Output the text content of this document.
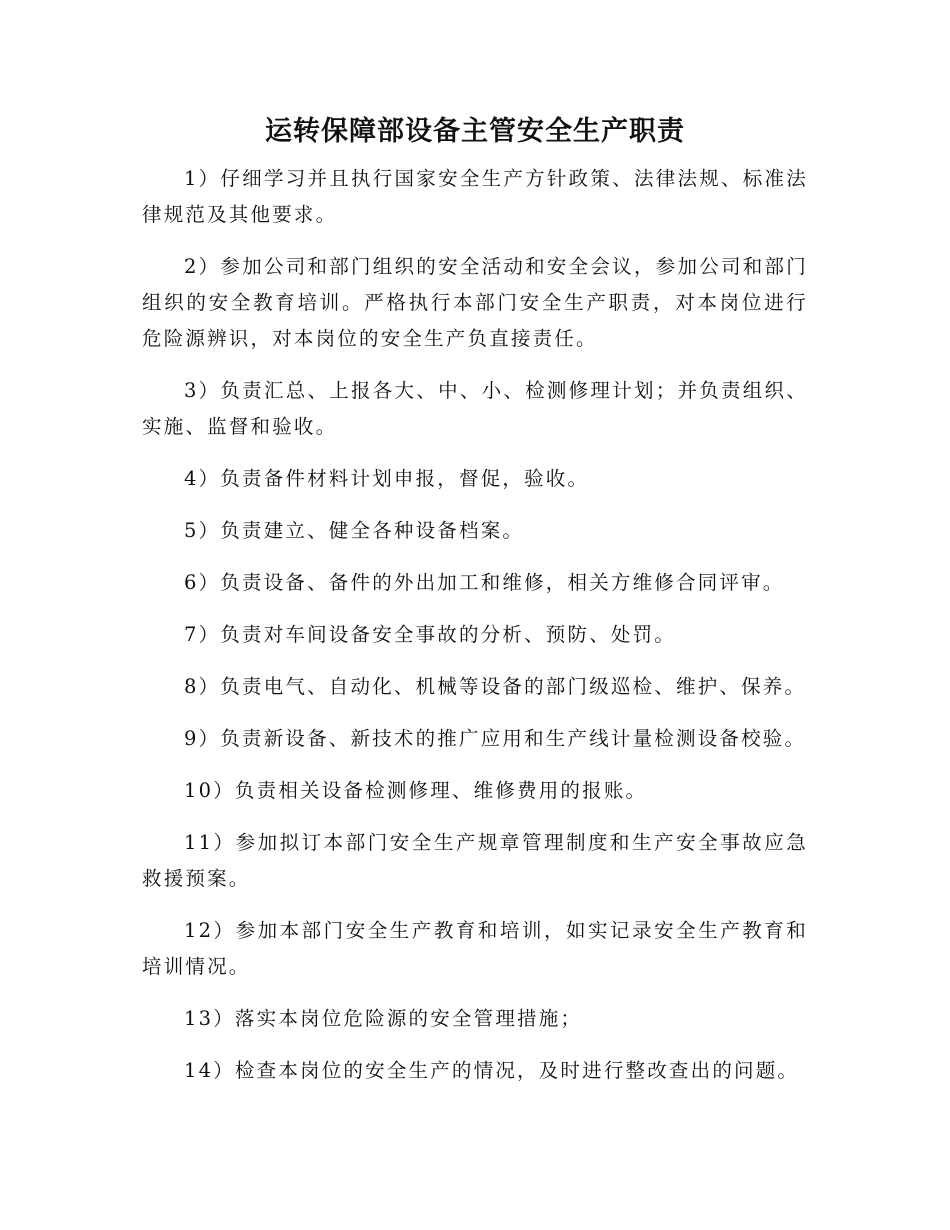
运转保障部设备主管安全生产职责

1）仔细学习并且执行国家安全生产方针政策、法律法规、标准法律规范及其他要求。

2）参加公司和部门组织的安全活动和安全会议，参加公司和部门组织的安全教育培训。严格执行本部门安全生产职责，对本岗位进行危险源辨识，对本岗位的安全生产负直接责任。

3）负责汇总、上报各大、中、小、检测修理计划；并负责组织、实施、监督和验收。

4）负责备件材料计划申报，督促，验收。

5）负责建立、健全各种设备档案。

6）负责设备、备件的外出加工和维修，相关方维修合同评审。

7）负责对车间设备安全事故的分析、预防、处罚。

8）负责电气、自动化、机械等设备的部门级巡检、维护、保养。

9）负责新设备、新技术的推广应用和生产线计量检测设备校验。

10）负责相关设备检测修理、维修费用的报账。

11）参加拟订本部门安全生产规章管理制度和生产安全事故应急救援预案。

12）参加本部门安全生产教育和培训，如实记录安全生产教育和培训情况。

13）落实本岗位危险源的安全管理措施；

14）检查本岗位的安全生产的情况，及时进行整改查出的问题。
